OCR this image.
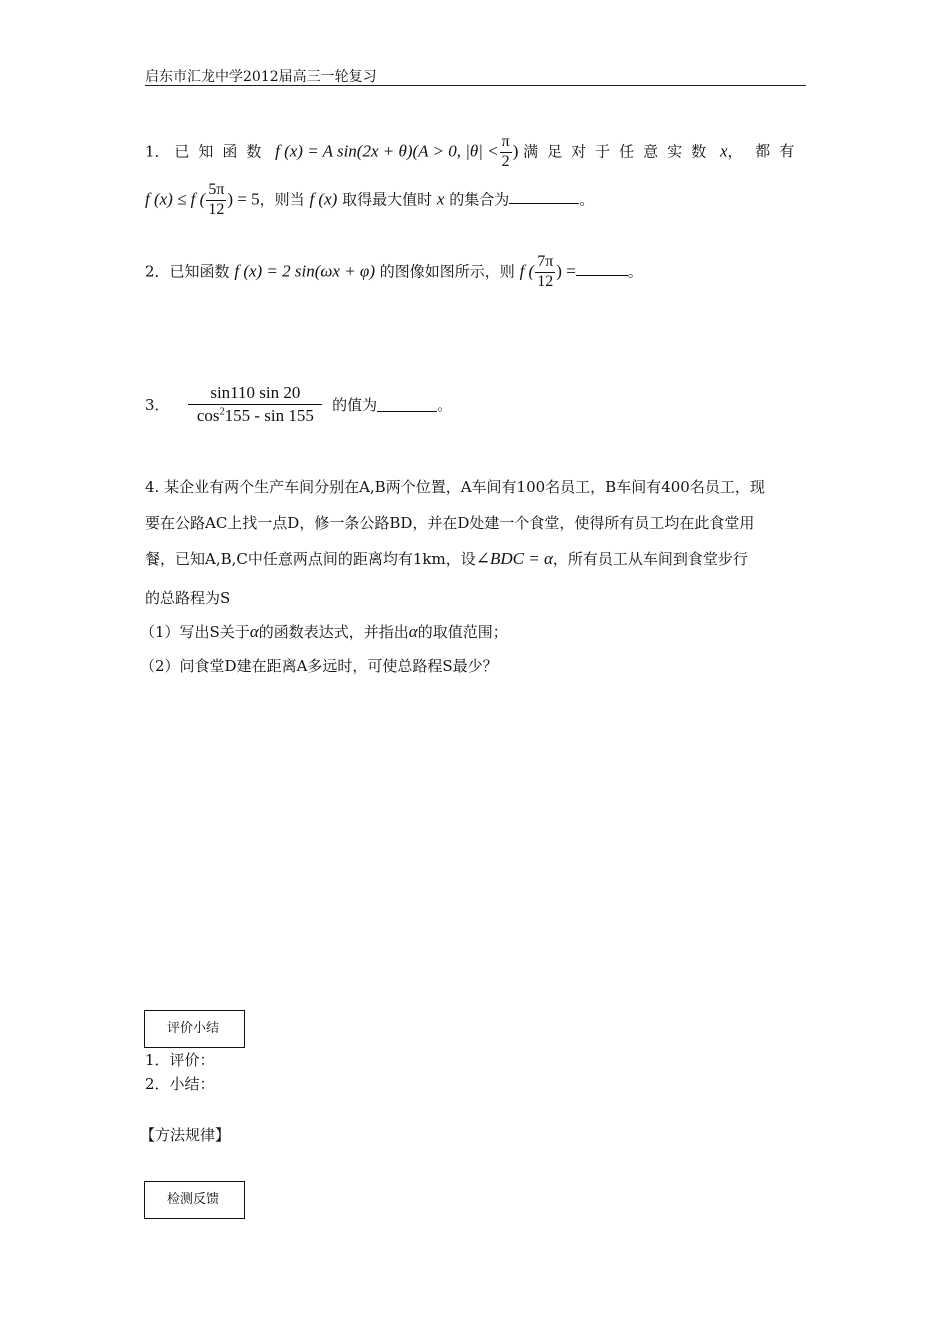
启东市汇龙中学2012届高三一轮复习
1． 已知函数 f (x) = A sin(2x + θ)(A > 0, $|\theta| < \frac{\pi}{2}$ ) 满足对于任意实数 x， 都有
f (x) ≤ f ( $\frac{5\pi}{12}$ ) = 5，则当 f (x) 取得最大值时 x 的集合为	。
2．已知函数 f (x) = 2 sin(ωx + φ) 的图像如图所示，则 f ( $\frac{7\pi}{12}$ ) =	。
3． $\frac{\sin 110 \sin 20}{\cos^2155 - \sin 155}$ 的值为	。
4. 某企业有两个生产车间分别在A,B两个位置，A车间有100名员工，B车间有400名员工，现
要在公路AC上找一点D，修一条公路BD，并在D处建一个食堂，使得所有员工均在此食堂用
餐，已知A,B,C中任意两点间的距离均有1km，设∠BDC = α，所有员工从车间到食堂步行
的总路程为S
（1）写出S关于α的函数表达式，并指出α的取值范围；
（2）问食堂D建在距离A多远时，可使总路程S最少？
评价小结
1．评价：
2．小结：
【方法规律】
检测反馈
